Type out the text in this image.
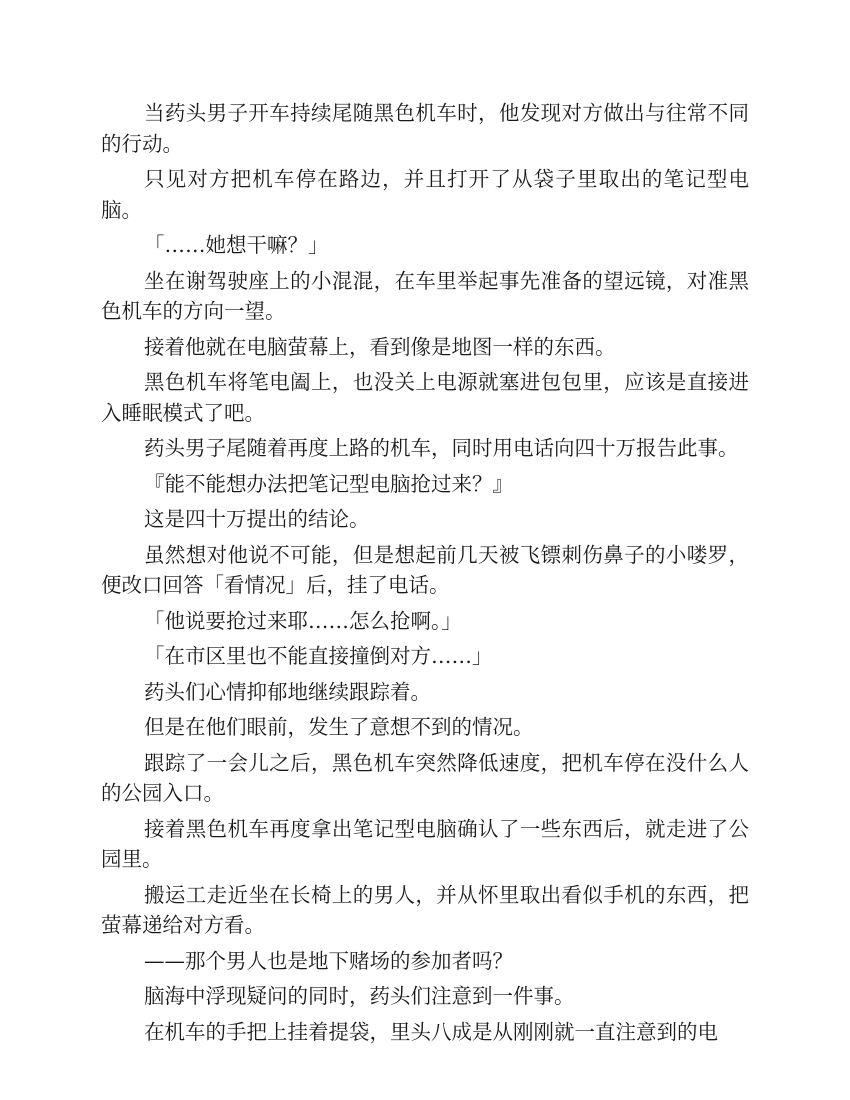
当药头男子开车持续尾随黑色机车时，他发现对方做出与往常不同的行动。

只见对方把机车停在路边，并且打开了从袋子里取出的笔记型电脑。

「……她想干嘛？」

坐在谢驾驶座上的小混混，在车里举起事先准备的望远镜，对准黑色机车的方向一望。

接着他就在电脑萤幕上，看到像是地图一样的东西。

黑色机车将笔电阖上，也没关上电源就塞进包包里，应该是直接进入睡眠模式了吧。

药头男子尾随着再度上路的机车，同时用电话向四十万报告此事。

『能不能想办法把笔记型电脑抢过来？』

这是四十万提出的结论。

虽然想对他说不可能，但是想起前几天被飞镖刺伤鼻子的小喽罗，便改口回答「看情况」后，挂了电话。

「他说要抢过来耶……怎么抢啊。」

「在市区里也不能直接撞倒对方……」

药头们心情抑郁地继续跟踪着。

但是在他们眼前，发生了意想不到的情况。

跟踪了一会儿之后，黑色机车突然降低速度，把机车停在没什么人的公园入口。

接着黑色机车再度拿出笔记型电脑确认了一些东西后，就走进了公园里。

搬运工走近坐在长椅上的男人，并从怀里取出看似手机的东西，把萤幕递给对方看。

——那个男人也是地下赌场的参加者吗？

脑海中浮现疑问的同时，药头们注意到一件事。

在机车的手把上挂着提袋，里头八成是从刚刚就一直注意到的电
